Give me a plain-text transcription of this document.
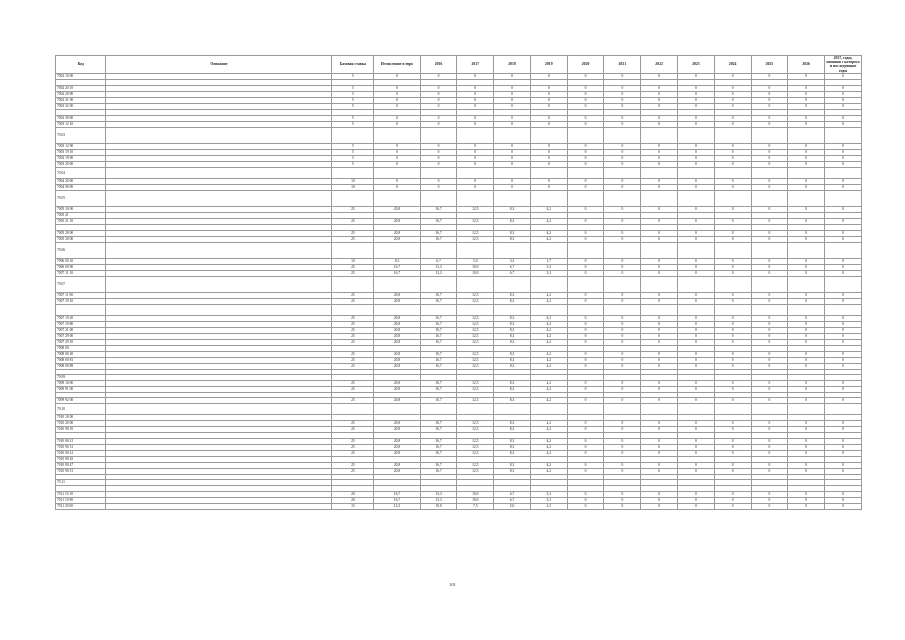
Код	Описание	Базовая ставка	Исчисление в евро	2016	2017	2018	2019	2020	2021	2022	2023	2024	2025	2026	2027, годы, начиная с которого и последующие годы
7002 10 00		5	0	0	0	0	0	0	0	0	0	0	0	0	0

7002 20 10		5	0	0	0	0	0	0	0	0	0	0	0	0	0
7002 20 90		5	0	0	0	0	0	0	0	0	0	0	0	0	0
7002 31 00		5	0	0	0	0	0	0	0	0	0	0	0	0	0
7002 32 00		5	0	0	0	0	0	0	0	0	0	0	0	0	0

7002 39 00		5	0	0	0	0	0	0	0	0	0	0	0	0	0
7003 12 10		5	0	0	0	0	0	0	0	0	0	0	0	0	0
70.03															
7003 12 90		5	0	0	0	0	0	0	0	0	0	0	0	0	0
7003 19 10		5	0	0	0	0	0	0	0	0	0	0	0	0	0
7003 19 90		5	0	0	0	0	0	0	0	0	0	0	0	0	0
7003 20 00		5	0	0	0	0	0	0	0	0	0	0	0	0	0
70.04															
7004 20 00		10	0	0	0	0	0	0	0	0	0	0	0	0	0
7004 90 00		10	0	0	0	0	0	0	0	0	0	0	0	0	0
70.05															
7005 10 00		25	20,8	16,7	12,5	8,3	4,2	0	0	0	0	0	0	0	0
7005 21															
7005 21 10		25	20,8	16,7	12,5	8,3	4,2	0	0	0	0	0	0	0	0

7005 29 00		25	20,8	16,7	12,5	8,3	4,2	0	0	0	0	0	0	0	0
7005 30 00		25	20,8	16,7	12,5	8,3	4,2	0	0	0	0	0	0	0	0
70.06															
7006 00 10		10	8,3	6,7	5,0	3,3	1,7	0	0	0	0	0	0	0	0
7006 00 90		25	16,7	13,3	10,0	6,7	3,3	0	0	0	0	0	0	0	0
7007 11 10		25	16,7	13,3	10,0	6,7	3,3	0	0	0	0	0	0	0	0
70.07															
7007 11 90		25	20,8	16,7	12,5	8,3	4,2	0	0	0	0	0	0	0	0
7007 19 10		25	20,8	16,7	12,5	8,3	4,2	0	0	0	0	0	0	0	0

7007 19 20		25	20,8	16,7	12,5	8,3	4,2	0	0	0	0	0	0	0	0
7007 19 80		25	20,8	16,7	12,5	8,3	4,2	0	0	0	0	0	0	0	0
7007 21 00		25	20,8	16,7	12,5	8,3	4,2	0	0	0	0	0	0	0	0
7007 29 00		25	20,8	16,7	12,5	8,3	4,2	0	0	0	0	0	0	0	0
7007 29 10		25	20,8	16,7	12,5	8,3	4,2	0	0	0	0	0	0	0	0
7008 00															
7008 00 20		25	20,8	16,7	12,5	8,3	4,2	0	0	0	0	0	0	0	0
7008 00 81		25	20,8	16,7	12,5	8,3	4,2	0	0	0	0	0	0	0	0
7008 00 89		25	20,8	16,7	12,5	8,3	4,2	0	0	0	0	0	0	0	0

70.09															
7009 10 00		25	20,8	16,7	12,5	8,3	4,2	0	0	0	0	0	0	0	0
7009 91 00		25	20,8	16,7	12,5	8,3	4,2	0	0	0	0	0	0	0	0

7009 92 00		25	20,8	16,7	12,5	8,3	4,2	0	0	0	0	0	0	0	0
70.10															
7010 10 00															
7010 20 00		25	20,8	16,7	12,5	8,3	4,2	0	0	0	0	0	0	0	0
7010 90 10		25	20,8	16,7	12,5	8,3	4,2	0	0	0	0	0	0	0	0

7010 90 21		25	20,8	16,7	12,5	8,3	4,2	0	0	0	0	0	0	0	0
7010 90 31		25	20,8	16,7	12,5	8,3	4,2	0	0	0	0	0	0	0	0
7010 90 41		25	20,8	16,7	12,5	8,3	4,2	0	0	0	0	0	0	0	0
7010 90 45															
7010 90 47		25	20,8	16,7	12,5	8,3	4,2	0	0	0	0	0	0	0	0
7010 90 51		25	20,8	16,7	12,5	8,3	4,2	0	0	0	0	0	0	0	0

70.11															

7011 10 10		20	16,7	13,3	10,0	6,7	3,3	0	0	0	0	0	0	0	0
7011 10 90		20	16,7	13,3	10,0	6,7	3,3	0	0	0	0	0	0	0	0
7011 20 00		15	12,5	10,0	7,5	5,0	2,5	0	0	0	0	0	0	0	0
101
